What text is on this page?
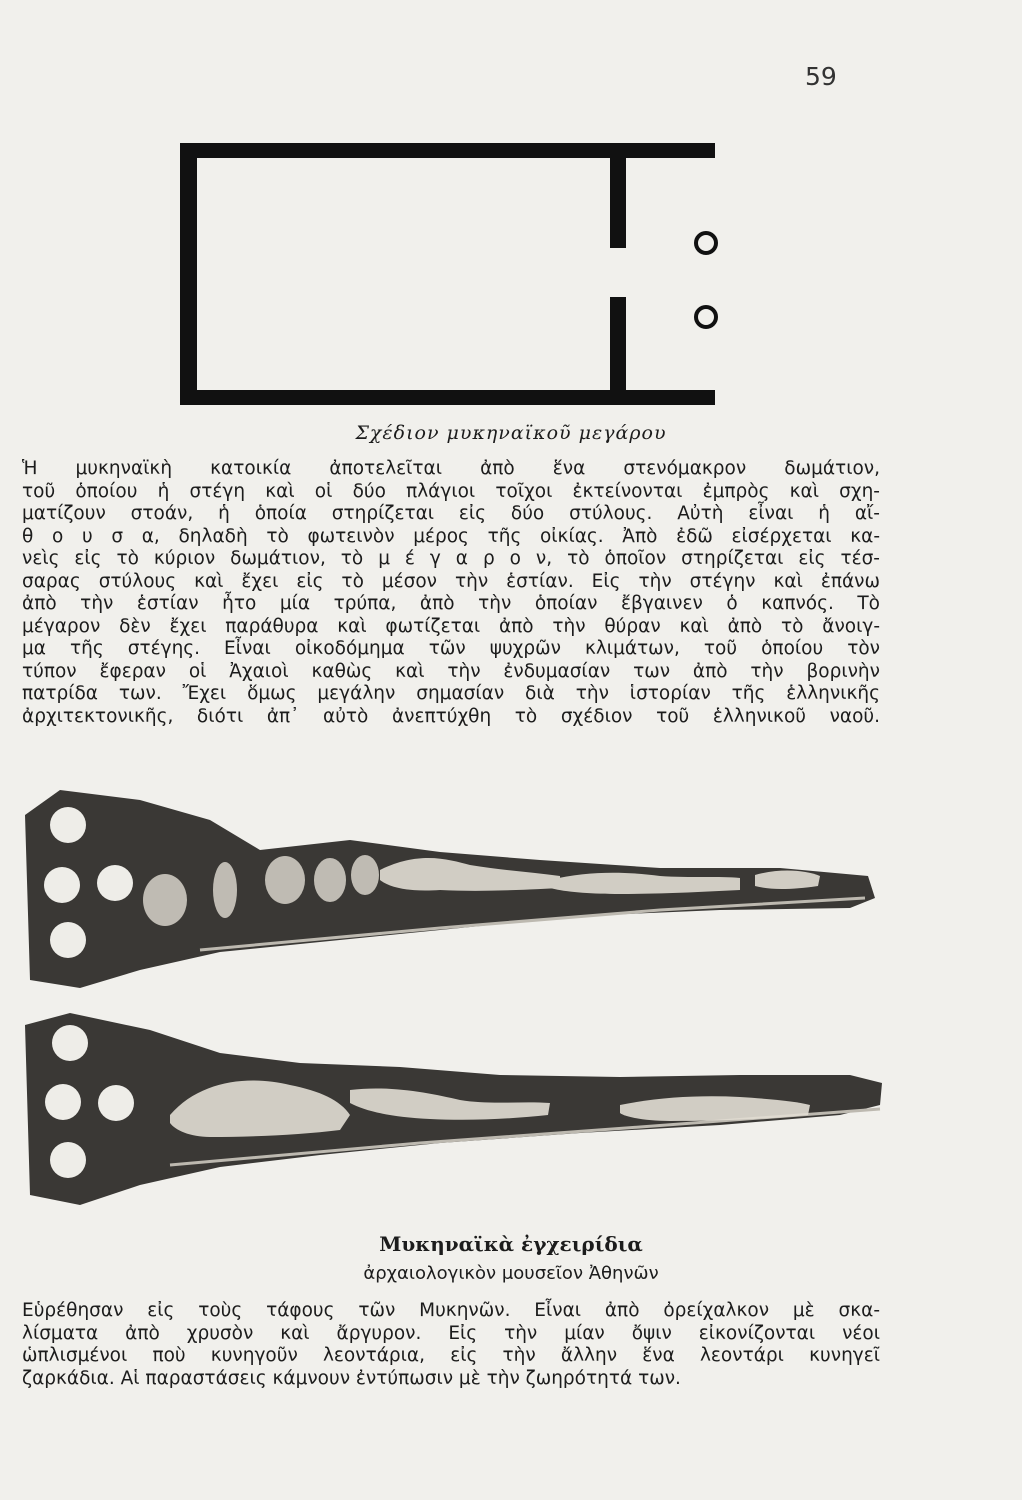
59
Σχέδιον μυκηναϊκοῦ μεγάρου
Ἡ μυκηναϊκὴ κατοικία ἀποτελεῖται ἀπὸ ἕνα στενόμακρον δωμάτιον,
τοῦ ὁποίου ἡ στέγη καὶ οἱ δύο πλάγιοι τοῖχοι ἐκτείνονται ἐμπρὸς καὶ σχη-
ματίζουν στοάν, ἡ ὁποία στηρίζεται εἰς δύο στύλους. Αὐτὴ εἶναι ἡ αἴ-
θ ο υ σ α, δηλαδὴ τὸ φωτεινὸν μέρος τῆς οἰκίας. Ἀπὸ ἐδῶ εἰσέρχεται κα-
νεὶς εἰς τὸ κύριον δωμάτιον, τὸ μ έ γ α ρ ο ν, τὸ ὁποῖον στηρίζεται εἰς τέσ-
σαρας στύλους καὶ ἔχει εἰς τὸ μέσον τὴν ἑστίαν. Εἰς τὴν στέγην καὶ ἐπάνω
ἀπὸ τὴν ἑστίαν ἦτο μία τρύπα, ἀπὸ τὴν ὁποίαν ἔβγαινεν ὁ καπνός. Τὸ
μέγαρον δὲν ἔχει παράθυρα καὶ φωτίζεται ἀπὸ τὴν θύραν καὶ ἀπὸ τὸ ἄνοιγ-
μα τῆς στέγης. Εἶναι οἰκοδόμημα τῶν ψυχρῶν κλιμάτων, τοῦ ὁποίου τὸν
τύπον ἔφεραν οἱ Ἀχαιοὶ καθὼς καὶ τὴν ἐνδυμασίαν των ἀπὸ τὴν βορινὴν
πατρίδα των. Ἔχει ὅμως μεγάλην σημασίαν διὰ τὴν ἱστορίαν τῆς ἑλληνικῆς
ἀρχιτεκτονικῆς, διότι ἀπ᾽ αὐτὸ ἀνεπτύχθη τὸ σχέδιον τοῦ ἑλληνικοῦ ναοῦ.
Μυκηναϊκὰ ἐγχειρίδια
ἀρχαιολογικὸν μουσεῖον Ἀθηνῶν
Εὑρέθησαν εἰς τοὺς τάφους τῶν Μυκηνῶν. Εἶναι ἀπὸ ὀρείχαλκον μὲ σκα-
λίσματα ἀπὸ χρυσὸν καὶ ἄργυρον. Εἰς τὴν μίαν ὄψιν εἰκονίζονται νέοι
ὡπλισμένοι ποὺ κυνηγοῦν λεοντάρια, εἰς τὴν ἄλλην ἕνα λεοντάρι κυνηγεῖ
ζαρκάδια. Αἱ παραστάσεις κάμνουν ἐντύπωσιν μὲ τὴν ζωηρότητά των.
